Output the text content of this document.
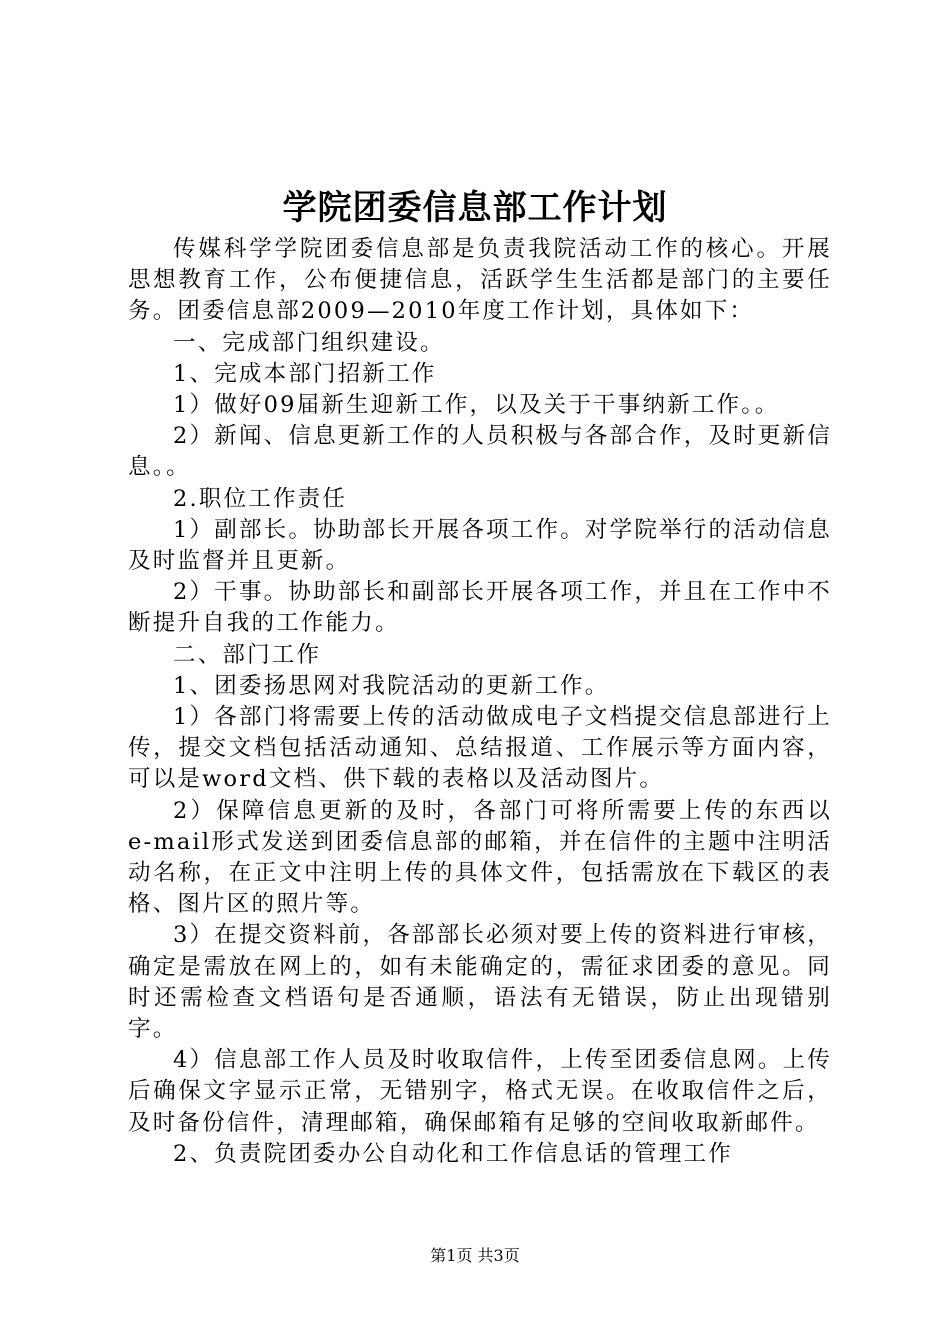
学院团委信息部工作计划

传媒科学学院团委信息部是负责我院活动工作的核心。开展思想教育工作，公布便捷信息，活跃学生生活都是部门的主要任务。团委信息部2009—2010年度工作计划，具体如下：

一、完成部门组织建设。

1、完成本部门招新工作

1）做好09届新生迎新工作，以及关于干事纳新工作。。

2）新闻、信息更新工作的人员积极与各部合作，及时更新信息。。

2.职位工作责任

1）副部长。协助部长开展各项工作。对学院举行的活动信息及时监督并且更新。

2）干事。协助部长和副部长开展各项工作，并且在工作中不断提升自我的工作能力。

二、部门工作

1、团委扬思网对我院活动的更新工作。

1）各部门将需要上传的活动做成电子文档提交信息部进行上传，提交文档包括活动通知、总结报道、工作展示等方面内容，可以是word文档、供下载的表格以及活动图片。

2）保障信息更新的及时，各部门可将所需要上传的东西以e-mail形式发送到团委信息部的邮箱，并在信件的主题中注明活动名称，在正文中注明上传的具体文件，包括需放在下载区的表格、图片区的照片等。

3）在提交资料前，各部部长必须对要上传的资料进行审核，确定是需放在网上的，如有未能确定的，需征求团委的意见。同时还需检查文档语句是否通顺，语法有无错误，防止出现错别字。

4）信息部工作人员及时收取信件，上传至团委信息网。上传后确保文字显示正常，无错别字，格式无误。在收取信件之后，及时备份信件，清理邮箱，确保邮箱有足够的空间收取新邮件。

2、负责院团委办公自动化和工作信息话的管理工作

第1页 共3页
